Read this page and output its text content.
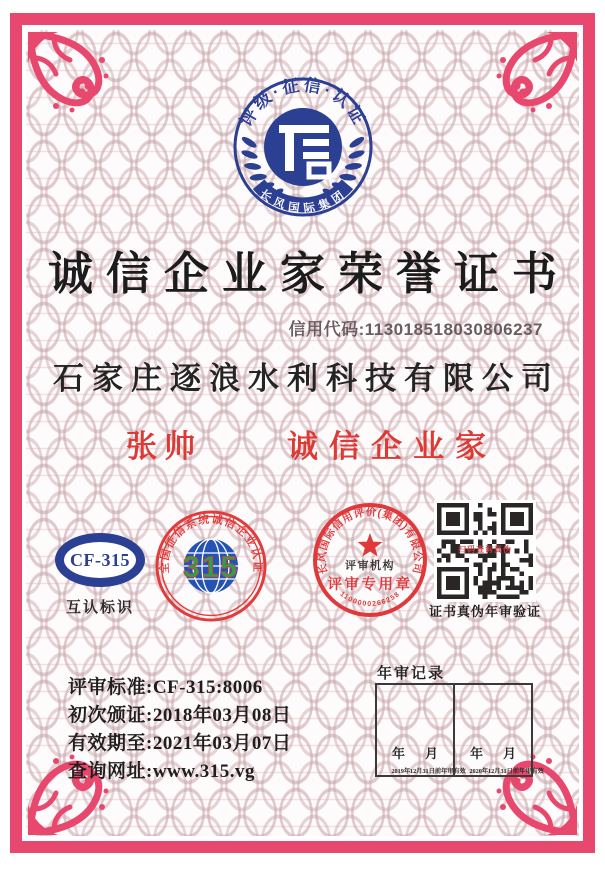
评级·征信·认证
长风国际集团
诚信企业家荣誉证书
信用代码:113018518030806237
石家庄逐浪水利科技有限公司
张帅	诚信企业家
CF-315
互认标识
全国征信系统诚信企业认证
315	长风国际信用评价(集团)有限公司
评审机构
评审专用章
1100000266258
扫码查询真伪
证书真伪年审验证
评审标准:CF-315:8006
初次颁证:2018年03月08日
有效期至:2021年03月07日
查询网址:www.315.vg
年审记录
年 月
2019年12月31日前年审有效
年 月
2020年12月31日前年审有效
